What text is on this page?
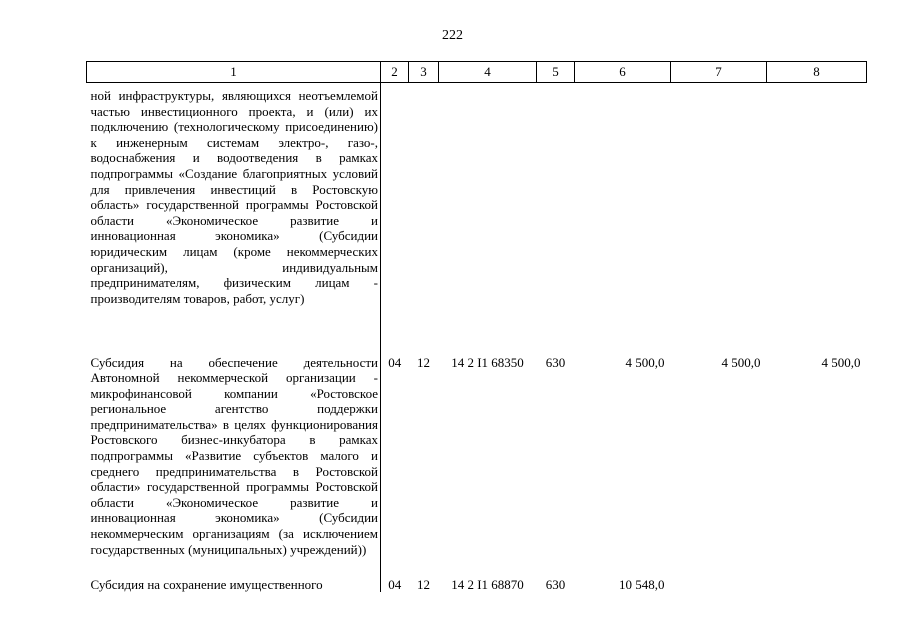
222
1	2	3	4	5	6	7	8
ной инфраструктуры, являющихся неотъемлемой частью инвестиционного проекта, и (или) их подключению (технологическому присоединению) к инженерным системам электро-, газо-, водоснабжения и водоотведения в рамках подпрограммы «Создание благоприятных условий для привлечения инвестиций в Ростовскую область» государственной программы Ростовской области «Экономическое развитие и инновационная экономика» (Субсидии юридическим лицам (кроме некоммерческих организаций), индивидуальным предпринимателям, физическим лицам - производителям товаров, работ, услуг)							
Субсидия на обеспечение деятельности Автономной некоммерческой организации - микрофинансовой компании «Ростовское региональное агентство поддержки предпринимательства» в целях функционирования Ростовского бизнес-инкубатора в рамках подпрограммы «Развитие субъектов малого и среднего предпринимательства в Ростовской области» государственной программы Ростовской области «Экономическое развитие и инновационная экономика» (Субсидии некоммерческим организациям (за исключением государственных (муниципальных) учреждений))	04	12	14 2 I1 68350	630	4 500,0	4 500,0	4 500,0
Субсидия на сохранение имущественного	04	12	14 2 I1 68870	630	10 548,0		
